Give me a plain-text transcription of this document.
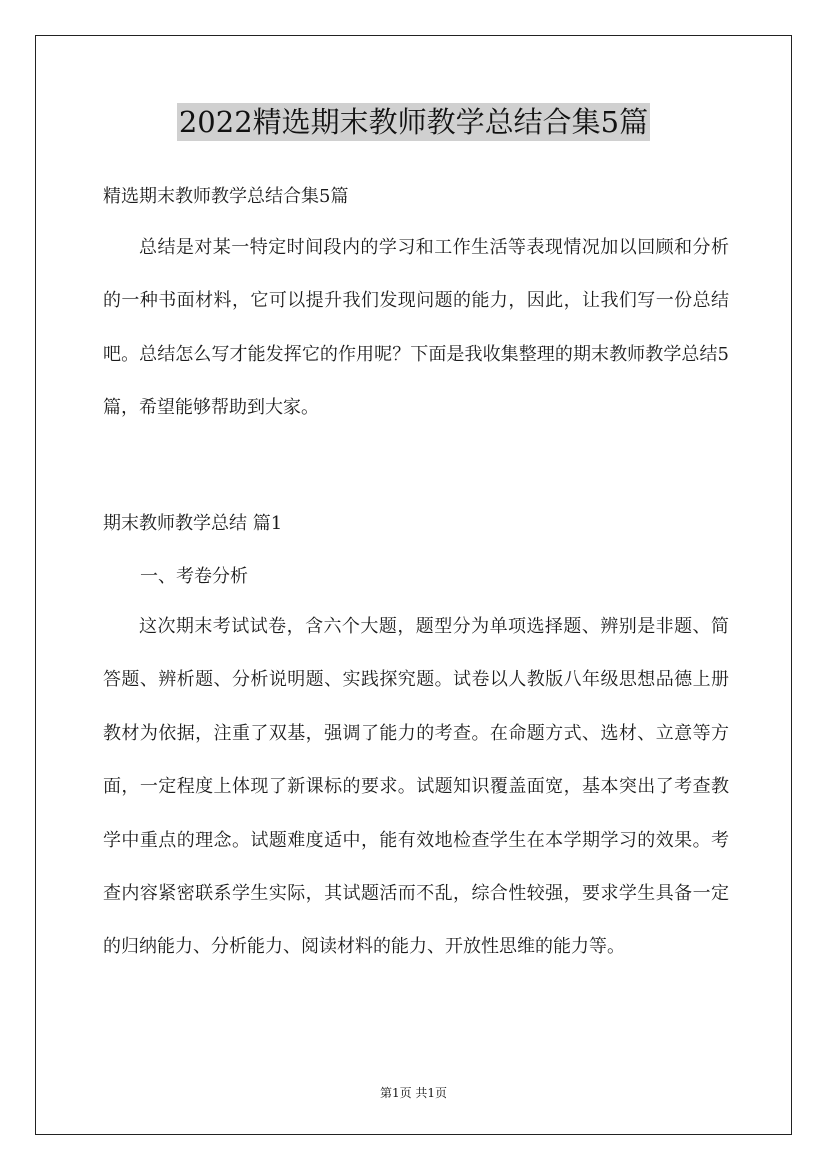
2022精选期末教师教学总结合集5篇
精选期末教师教学总结合集5篇

总结是对某一特定时间段内的学习和工作生活等表现情况加以回顾和分析的一种书面材料，它可以提升我们发现问题的能力，因此，让我们写一份总结吧。总结怎么写才能发挥它的作用呢？下面是我收集整理的期末教师教学总结5篇，希望能够帮助到大家。

期末教师教学总结 篇1
一、考卷分析

这次期末考试试卷，含六个大题，题型分为单项选择题、辨别是非题、简答题、辨析题、分析说明题、实践探究题。试卷以人教版八年级思想品德上册教材为依据，注重了双基，强调了能力的考查。在命题方式、选材、立意等方面，一定程度上体现了新课标的要求。试题知识覆盖面宽，基本突出了考查教学中重点的理念。试题难度适中，能有效地检查学生在本学期学习的效果。考查内容紧密联系学生实际，其试题活而不乱，综合性较强，要求学生具备一定的归纳能力、分析能力、阅读材料的能力、开放性思维的能力等。

第1页 共1页
